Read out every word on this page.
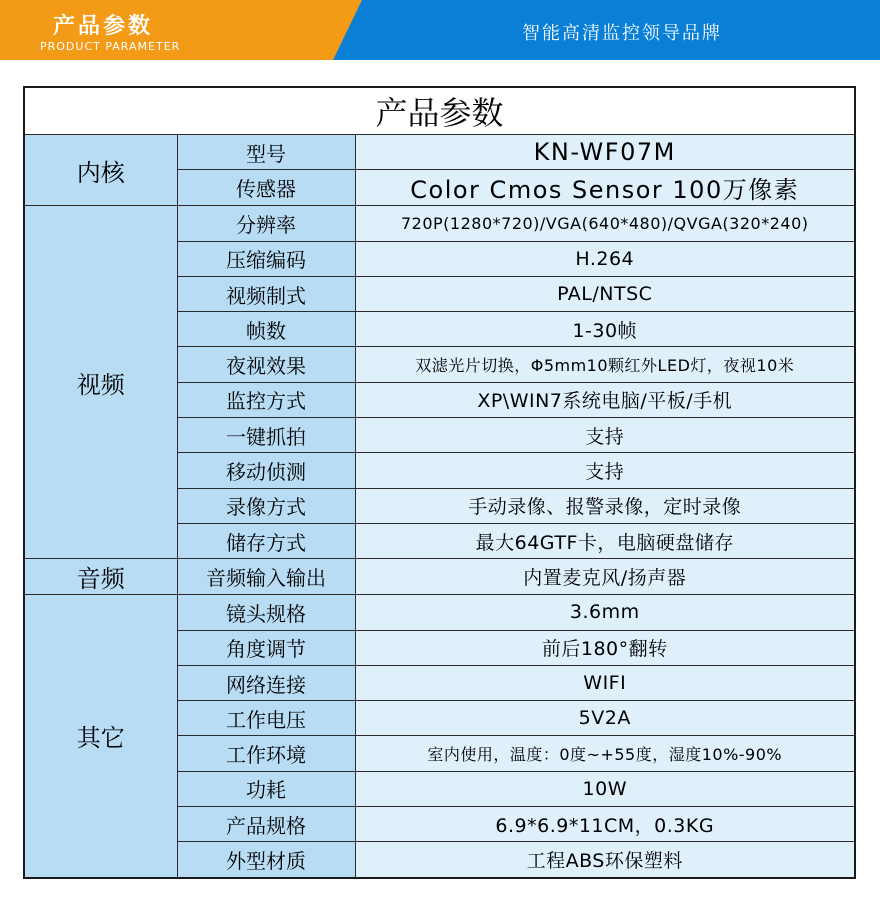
产品参数
PRODUCT PARAMETER
智能高清监控领导品牌
产品参数		
内核	型号	KN-WF07M
	传感器	Color Cmos Sensor 100万像素
视频	分辨率	720P(1280*720)/VGA(640*480)/QVGA(320*240)
	压缩编码	H.264
	视频制式	PAL/NTSC
	帧数	1-30帧
	夜视效果	双滤光片切换，Φ5mm10颗红外LED灯，夜视10米
	监控方式	XP\WIN7系统电脑/平板/手机
	一键抓拍	支持
	移动侦测	支持
	录像方式	手动录像、报警录像，定时录像
	储存方式	最大64GTF卡，电脑硬盘储存
音频	音频输入输出	内置麦克风/扬声器
其它	镜头规格	3.6mm
	角度调节	前后180°翻转
	网络连接	WIFI
	工作电压	5V2A
	工作环境	室内使用，温度：0度~+55度，湿度10%-90%
	功耗	10W
	产品规格	6.9*6.9*11CM，0.3KG
	外型材质	工程ABS环保塑料
